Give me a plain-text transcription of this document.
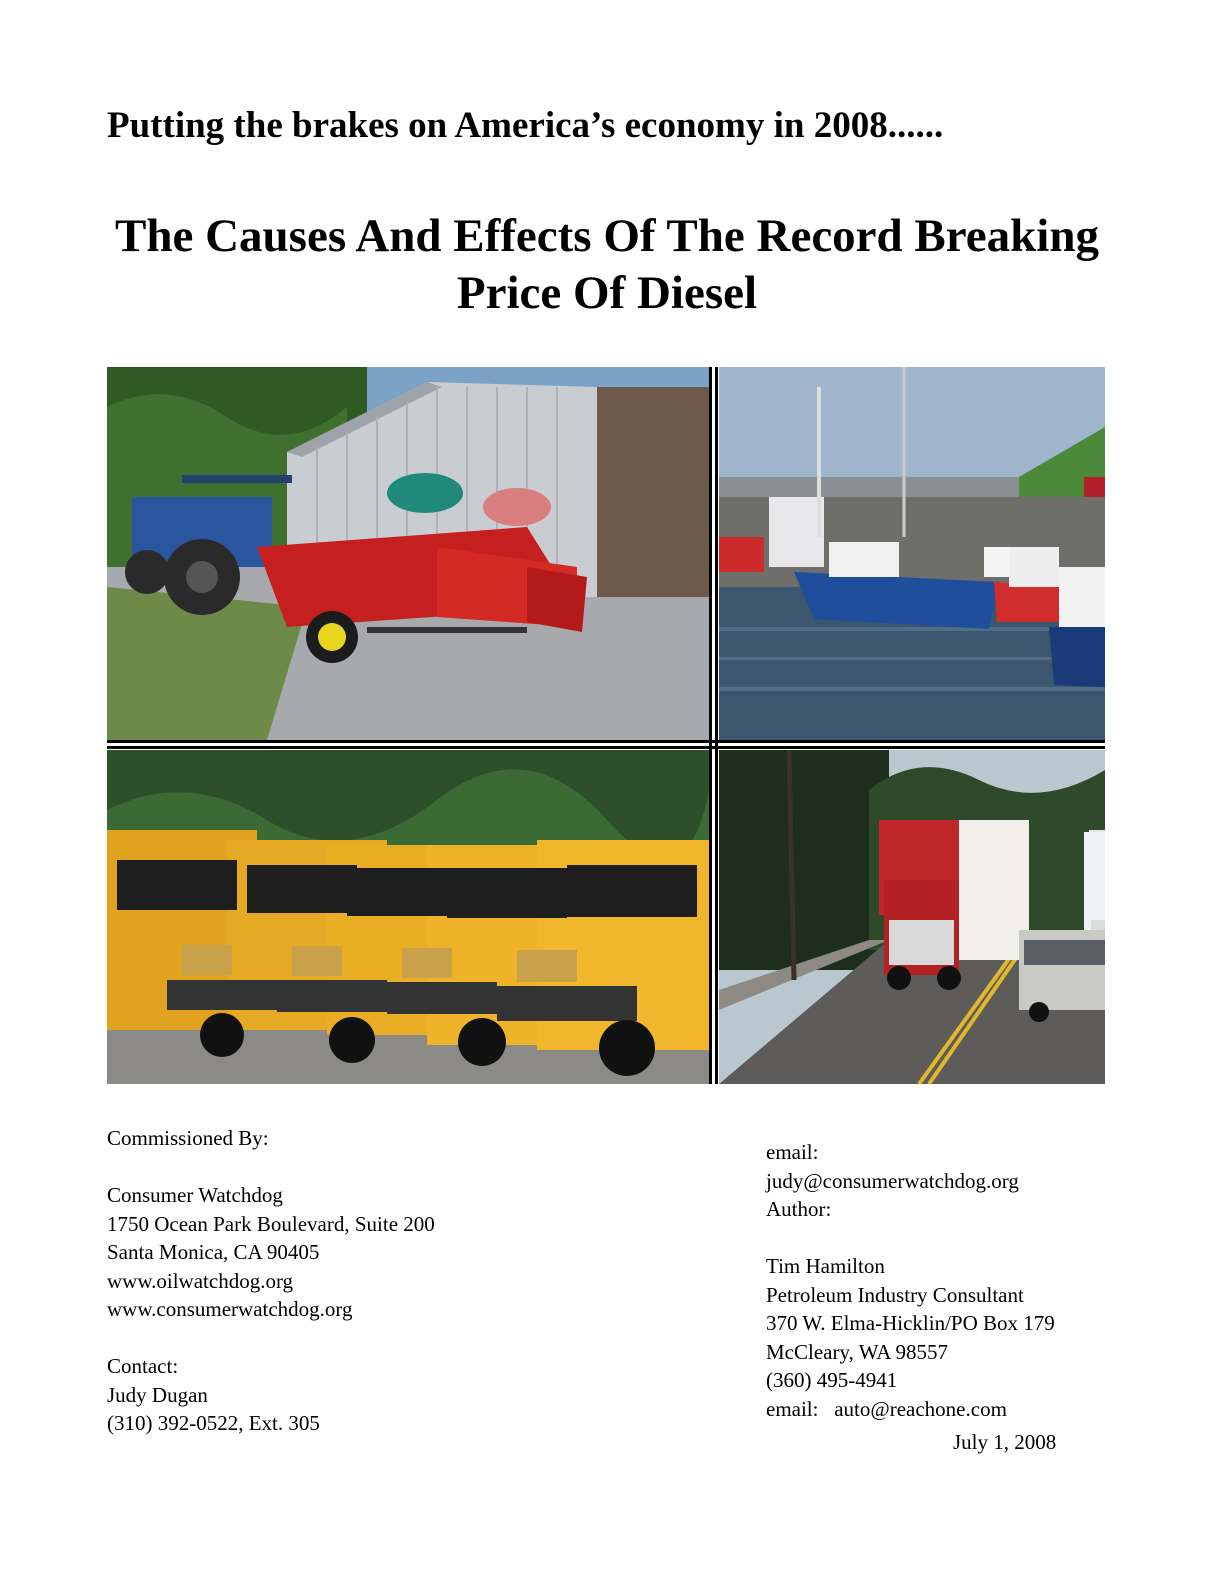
Putting the brakes on America’s economy in 2008......
The Causes And Effects Of The Record Breaking
Price Of Diesel
Commissioned By:
Consumer Watchdog
1750 Ocean Park Boulevard, Suite 200
Santa Monica, CA 90405
www.oilwatchdog.org
www.consumerwatchdog.org
Contact:
Judy Dugan
(310) 392-0522, Ext. 305
email:
judy@consumerwatchdog.org
Author:
Tim Hamilton
Petroleum Industry Consultant
370 W. Elma-Hicklin/PO Box 179
McCleary, WA 98557
(360) 495-4941
email:   auto@reachone.com
July 1, 2008
